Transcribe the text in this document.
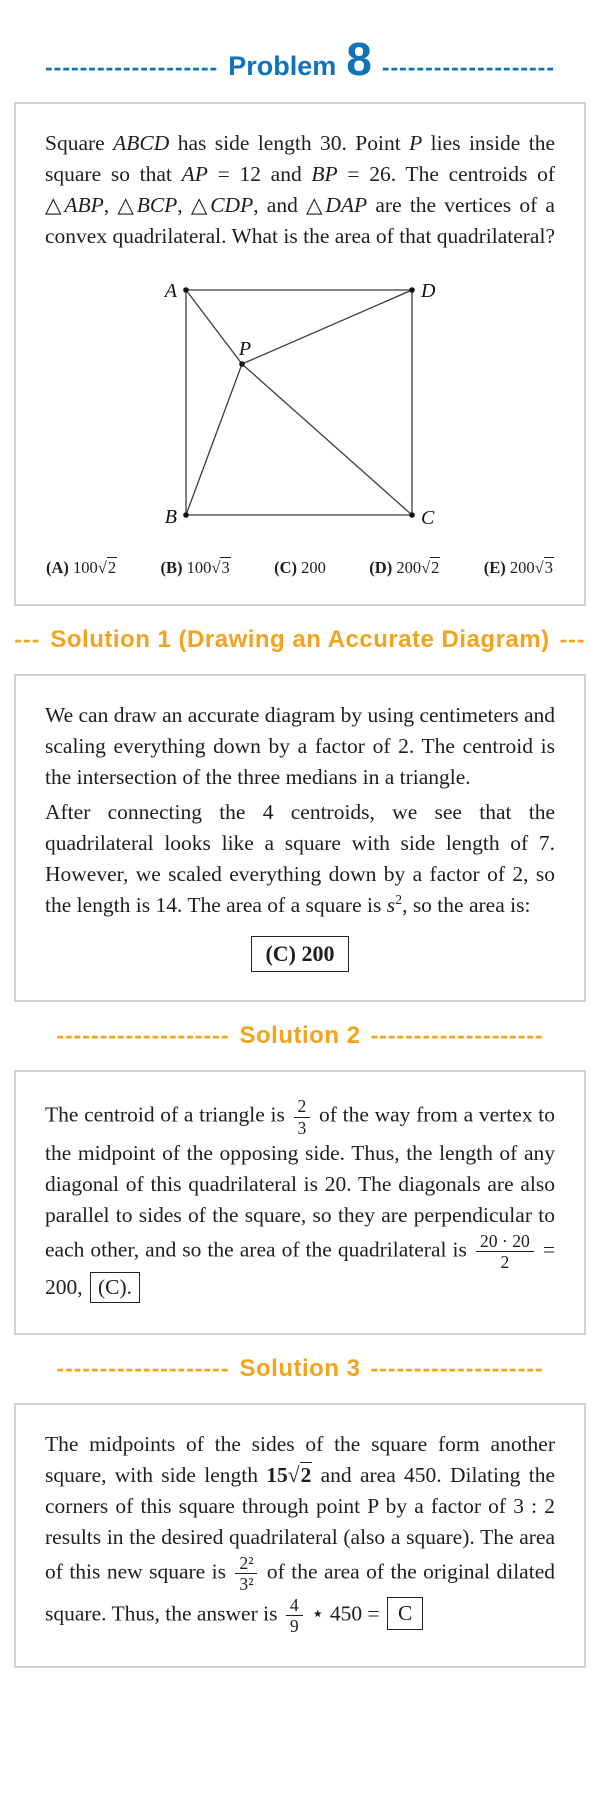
-------------------- Problem 8 --------------------

Square ABCD has side length 30. Point P lies inside the square so that AP = 12 and BP = 26. The centroids of △ABP, △BCP, △CDP, and △DAP are the vertices of a convex quadrilateral. What is the area of that quadrilateral?

A	D
B	C
P
(A) 100√2	(B) 100√3	(C) 200	(D) 200√2	(E) 200√3
--- Solution 1 (Drawing an Accurate Diagram) ---

We can draw an accurate diagram by using centimeters and scaling everything down by a factor of 2. The centroid is the intersection of the three medians in a triangle.

After connecting the 4 centroids, we see that the quadrilateral looks like a square with side length of 7. However, we scaled everything down by a factor of 2, so the length is 14. The area of a square is $s^2$, so the area is:

(C) 200
-------------------- Solution 2 --------------------

The centroid of a triangle is $\frac{2}{3}$ of the way from a vertex to the midpoint of the opposing side. Thus, the length of any diagonal of this quadrilateral is 20. The diagonals are also parallel to sides of the square, so they are perpendicular to each other, and so the area of the quadrilateral is $\frac{20 \cdot 20}{2} = 200$, (C).

-------------------- Solution 3 --------------------

The midpoints of the sides of the square form another square, with side length 15√2 and area 450. Dilating the corners of this square through point P by a factor of 3 : 2 results in the desired quadrilateral (also a square). The area of this new square is $\frac{\text{2²}}{\text{3²}}$ of the area of the original dilated square. Thus, the answer is $\frac{4}{9}$ ⋆ 450 = C
